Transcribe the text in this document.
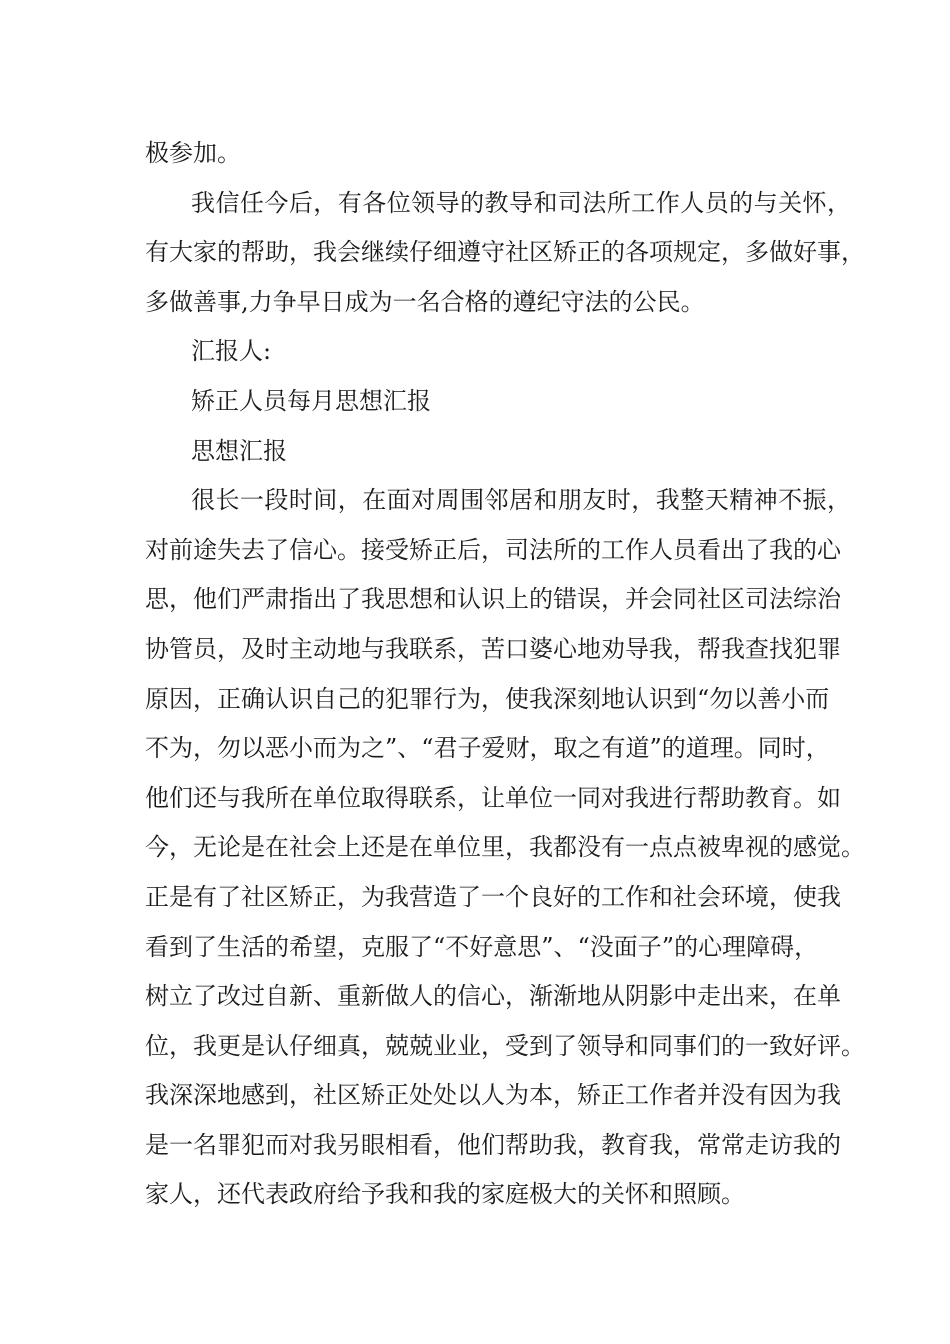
极参加。
我信任今后，有各位领导的教导和司法所工作人员的与关怀，
有大家的帮助，我会继续仔细遵守社区矫正的各项规定，多做好事，
多做善事,力争早日成为一名合格的遵纪守法的公民。
汇报人:
矫正人员每月思想汇报
思想汇报
很长一段时间，在面对周围邻居和朋友时，我整天精神不振，
对前途失去了信心。接受矫正后，司法所的工作人员看出了我的心
思，他们严肃指出了我思想和认识上的错误，并会同社区司法综治
协管员，及时主动地与我联系，苦口婆心地劝导我，帮我查找犯罪
原因，正确认识自己的犯罪行为，使我深刻地认识到“勿以善小而
不为，勿以恶小而为之”、“君子爱财，取之有道”的道理。同时，
他们还与我所在单位取得联系，让单位一同对我进行帮助教育。如
今，无论是在社会上还是在单位里，我都没有一点点被卑视的感觉。
正是有了社区矫正，为我营造了一个良好的工作和社会环境，使我
看到了生活的希望，克服了“不好意思”、“没面子”的心理障碍，
树立了改过自新、重新做人的信心，渐渐地从阴影中走出来，在单
位，我更是认仔细真，兢兢业业，受到了领导和同事们的一致好评。
我深深地感到，社区矫正处处以人为本，矫正工作者并没有因为我
是一名罪犯而对我另眼相看，他们帮助我，教育我，常常走访我的
家人，还代表政府给予我和我的家庭极大的关怀和照顾。
